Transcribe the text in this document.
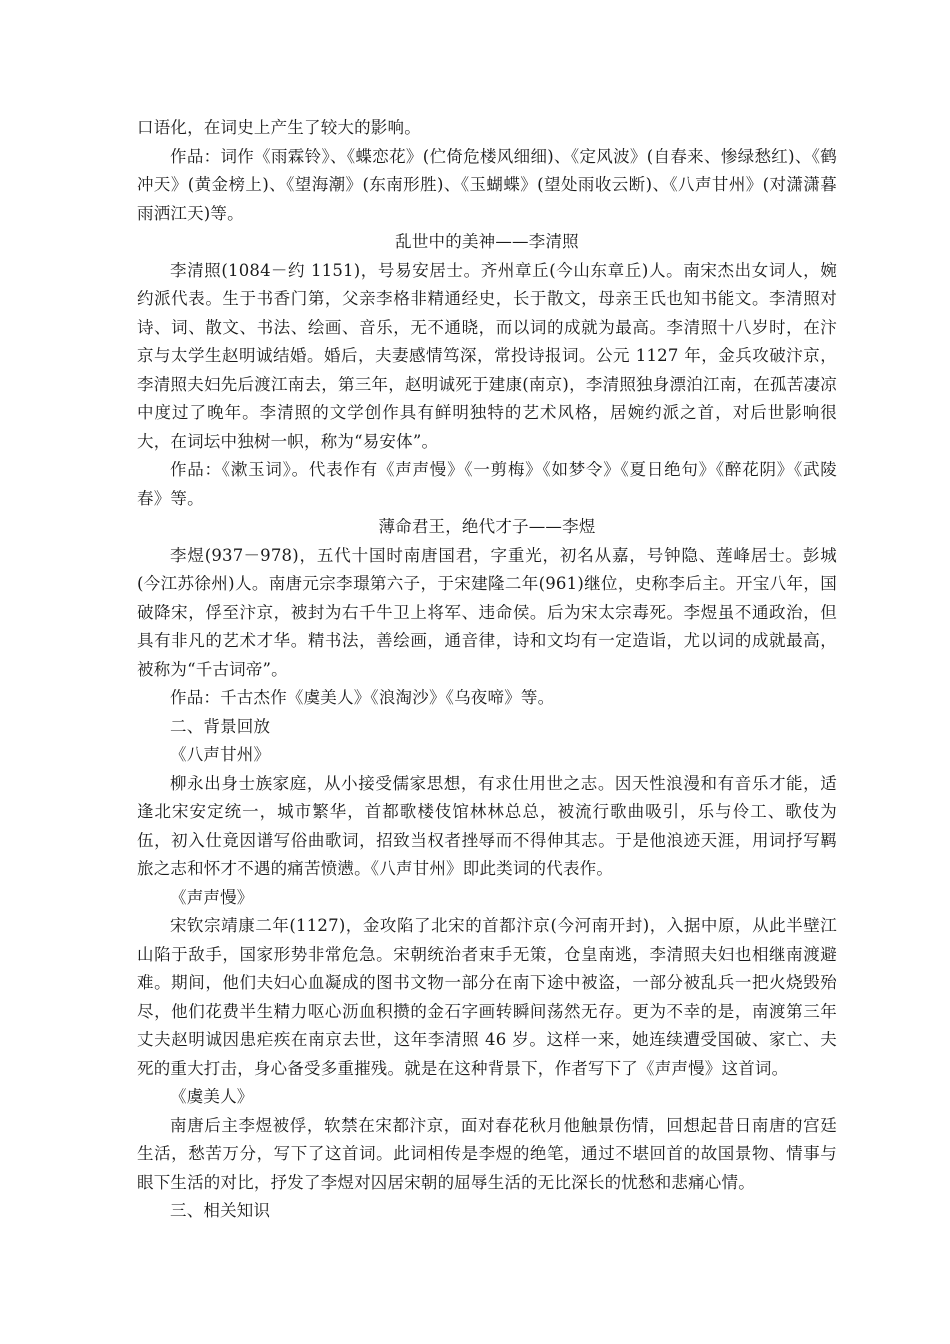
口语化，在词史上产生了较大的影响。

作品：词作《雨霖铃》、《蝶恋花》(伫倚危楼风细细)、《定风波》(自春来、惨绿愁红)、《鹤冲天》(黄金榜上)、《望海潮》(东南形胜)、《玉蝴蝶》(望处雨收云断)、《八声甘州》(对潇潇暮雨洒江天)等。

乱世中的美神——李清照

李清照(1084－约 1151)，号易安居士。齐州章丘(今山东章丘)人。南宋杰出女词人，婉约派代表。生于书香门第，父亲李格非精通经史，长于散文，母亲王氏也知书能文。李清照对诗、词、散文、书法、绘画、音乐，无不通晓，而以词的成就为最高。李清照十八岁时，在汴京与太学生赵明诚结婚。婚后，夫妻感情笃深，常投诗报词。公元 1127 年，金兵攻破汴京，李清照夫妇先后渡江南去，第三年，赵明诚死于建康(南京)，李清照独身漂泊江南，在孤苦凄凉中度过了晚年。李清照的文学创作具有鲜明独特的艺术风格，居婉约派之首，对后世影响很大，在词坛中独树一帜，称为“易安体”。

作品：《漱玉词》。代表作有《声声慢》《一剪梅》《如梦令》《夏日绝句》《醉花阴》《武陵春》等。

薄命君王，绝代才子——李煜

李煜(937－978)，五代十国时南唐国君，字重光，初名从嘉，号钟隐、莲峰居士。彭城(今江苏徐州)人。南唐元宗李璟第六子，于宋建隆二年(961)继位，史称李后主。开宝八年，国破降宋，俘至汴京，被封为右千牛卫上将军、违命侯。后为宋太宗毒死。李煜虽不通政治，但具有非凡的艺术才华。精书法，善绘画，通音律，诗和文均有一定造诣，尤以词的成就最高，被称为“千古词帝”。

作品：千古杰作《虞美人》《浪淘沙》《乌夜啼》等。

二、背景回放

《八声甘州》

柳永出身士族家庭，从小接受儒家思想，有求仕用世之志。因天性浪漫和有音乐才能，适逢北宋安定统一，城市繁华，首都歌楼伎馆林林总总，被流行歌曲吸引，乐与伶工、歌伎为伍，初入仕竟因谱写俗曲歌词，招致当权者挫辱而不得伸其志。于是他浪迹天涯，用词抒写羁旅之志和怀才不遇的痛苦愤懑。《八声甘州》即此类词的代表作。

《声声慢》

宋钦宗靖康二年(1127)，金攻陷了北宋的首都汴京(今河南开封)，入据中原，从此半壁江山陷于敌手，国家形势非常危急。宋朝统治者束手无策，仓皇南逃，李清照夫妇也相继南渡避难。期间，他们夫妇心血凝成的图书文物一部分在南下途中被盗，一部分被乱兵一把火烧毁殆尽，他们花费半生精力呕心沥血积攒的金石字画转瞬间荡然无存。更为不幸的是，南渡第三年丈夫赵明诚因患疟疾在南京去世，这年李清照 46 岁。这样一来，她连续遭受国破、家亡、夫死的重大打击，身心备受多重摧残。就是在这种背景下，作者写下了《声声慢》这首词。

《虞美人》

南唐后主李煜被俘，软禁在宋都汴京，面对春花秋月他触景伤情，回想起昔日南唐的宫廷生活，愁苦万分，写下了这首词。此词相传是李煜的绝笔，通过不堪回首的故国景物、情事与眼下生活的对比，抒发了李煜对囚居宋朝的屈辱生活的无比深长的忧愁和悲痛心情。

三、相关知识
